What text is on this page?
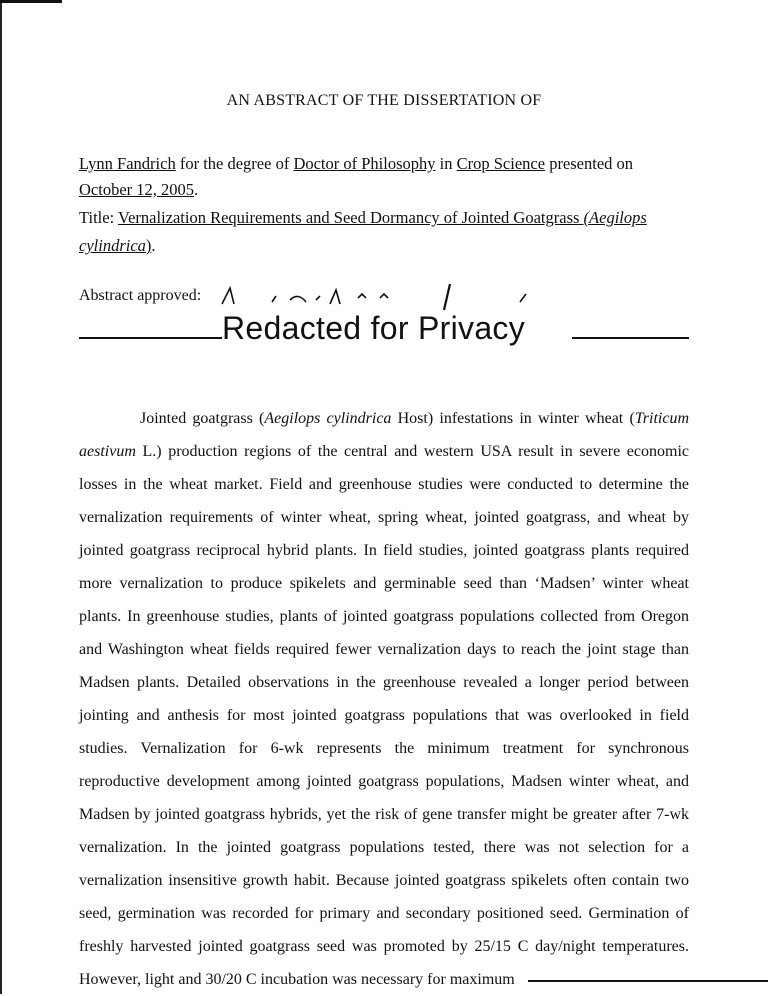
AN ABSTRACT OF THE DISSERTATION OF
Lynn Fandrich for the degree of Doctor of Philosophy in Crop Science presented on
October 12, 2005.
Title: Vernalization Requirements and Seed Dormancy of Jointed Goatgrass (Aegilops
cylindrica).
Abstract approved:
Redacted for Privacy

Jointed goatgrass (Aegilops cylindrica Host) infestations in winter wheat (Triticum aestivum L.) production regions of the central and western USA result in severe economic losses in the wheat market. Field and greenhouse studies were conducted to determine the vernalization requirements of winter wheat, spring wheat, jointed goatgrass, and wheat by jointed goatgrass reciprocal hybrid plants. In field studies, jointed goatgrass plants required more vernalization to produce spikelets and germinable seed than ‘Madsen’ winter wheat plants. In greenhouse studies, plants of jointed goatgrass populations collected from Oregon and Washington wheat fields required fewer vernalization days to reach the joint stage than Madsen plants. Detailed observations in the greenhouse revealed a longer period between jointing and anthesis for most jointed goatgrass populations that was overlooked in field studies. Vernalization for 6-wk represents the minimum treatment for synchronous reproductive development among jointed goatgrass populations, Madsen winter wheat, and Madsen by jointed goatgrass hybrids, yet the risk of gene transfer might be greater after 7-wk vernalization. In the jointed goatgrass populations tested, there was not selection for a vernalization insensitive growth habit. Because jointed goatgrass spikelets often contain two seed, germination was recorded for primary and secondary positioned seed. Germination of freshly harvested jointed goatgrass seed was promoted by 25/15 C day/night temperatures. However, light and 30/20 C incubation was necessary for maximum
